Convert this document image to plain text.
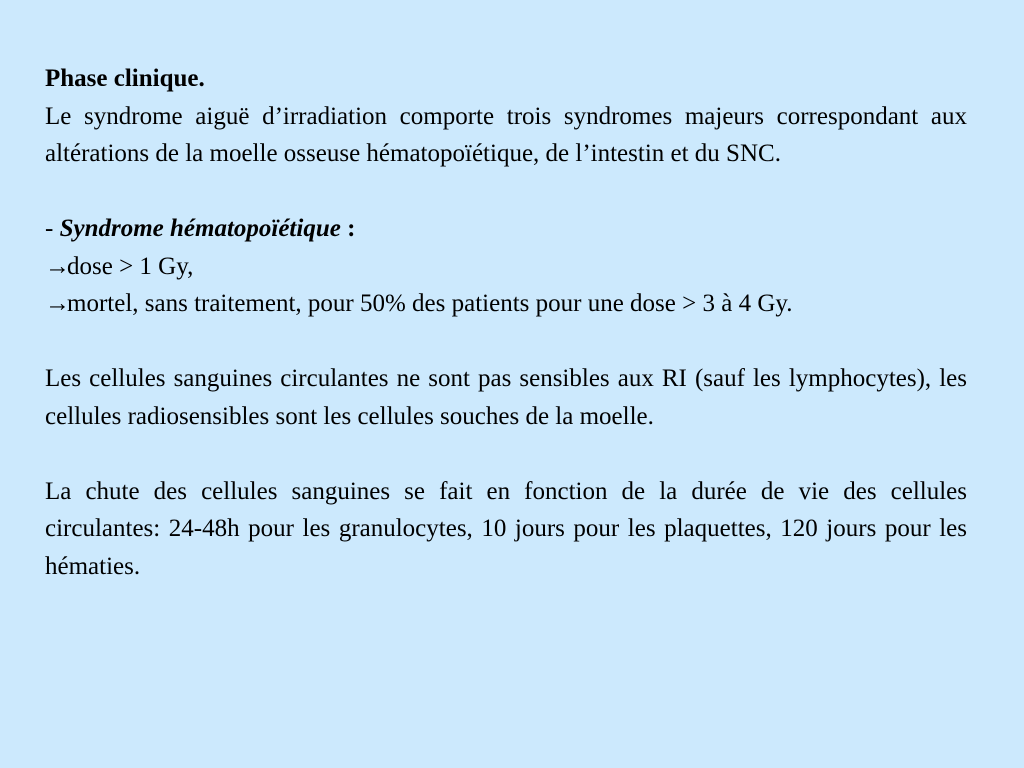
Phase clinique.

Le syndrome aiguë d’irradiation comporte trois syndromes majeurs correspondant aux altérations de la moelle osseuse hématopoïétique, de l’intestin et du SNC.

- Syndrome hématopoïétique :

→dose > 1 Gy,

→mortel, sans traitement, pour 50% des patients pour une dose > 3 à 4 Gy.

Les cellules sanguines circulantes ne sont pas sensibles aux RI (sauf les lymphocytes), les cellules radiosensibles sont les cellules souches de la moelle.

La chute des cellules sanguines se fait en fonction de la durée de vie des cellules circulantes: 24-48h pour les granulocytes, 10 jours pour les plaquettes, 120 jours pour les hématies.
